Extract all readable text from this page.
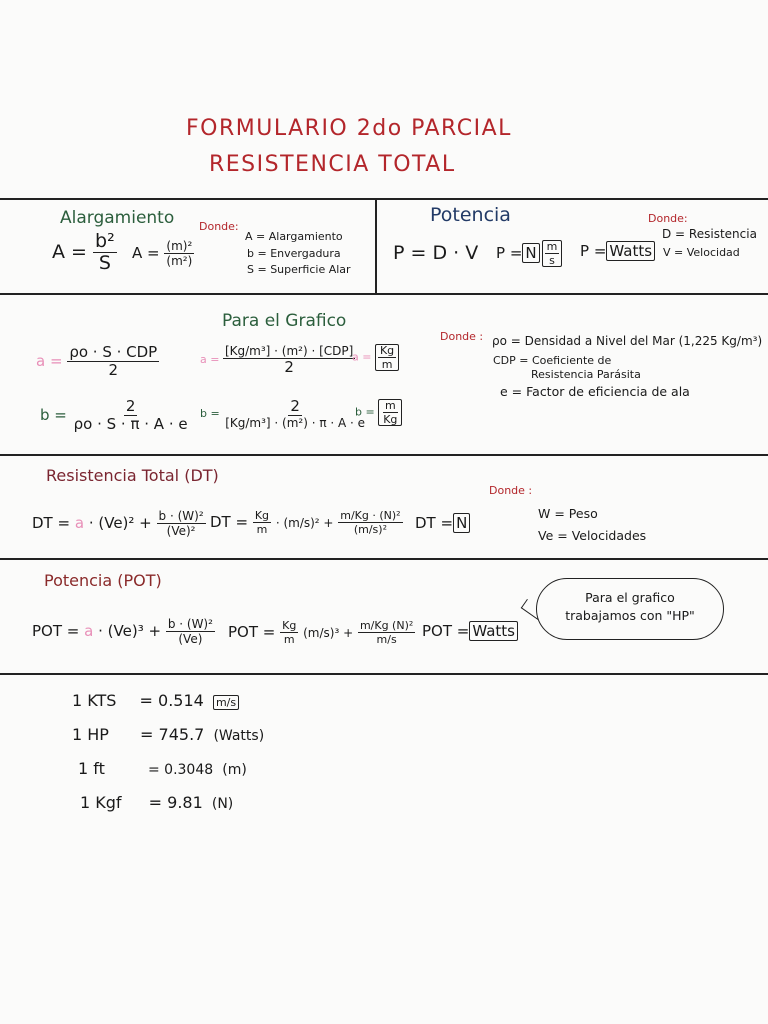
FORMULARIO 2do PARCIAL
RESISTENCIA TOTAL
Alargamiento
$A = \frac{\text{b²}}{S}$ $A = \frac{\text{(m)²}}{\text{(m²)}}$
Donde:
A = Alargamiento
b = Envergadura
S = Superficie Alar
Potencia
P = D · V P = N $\frac{m}{s}$ P = Watts
Donde:
D = Resistencia
V = Velocidad
Para el Grafico
$a = \frac{\text{ρo · S · CDP}}{2}$	$a = \frac{\text{[Kg/m³] · (m²) · [CDP]}}{2}$
$a = \frac{Kg}{m}$
$b = \frac{2}{\rho o \cdot S \cdot \pi \cdot A \cdot e}$ $b = \frac{2}{\text{[Kg/m³] · (m²) · π · A · e}}$
$b = \frac{m}{Kg}$
Donde : ρo = Densidad a Nivel del Mar (1,225 Kg/m³)
CDP = Coeficiente de
Resistencia Parásita
e = Factor de eficiencia de ala
Resistencia Total (DT)
DT = $a \cdot (Ve)^2 + \frac{\text{b · (W)²}}{\text{(Ve)²}}$ DT = $\frac{Kg}{m} \cdot (m/s)^2 + \frac{\text{m/Kg · (N)²}}{\text{(m/s)²}}$ DT = N
Donde :
W = Peso
Ve = Velocidades
Potencia (POT)
POT = $a \cdot (Ve)^3 + \frac{\text{b · (W)²}}{(Ve)}$ POT = $\frac{Kg}{m} (m/s)^3 + \frac{\text{m/Kg (N)²}}{m/s}$ POT = Watts
Para el grafico
trabajamos con "HP"
1 KTS = 0.514 m/s
1 HP = 745.7 (Watts)
1 ft	= 0.3048 (m)
1 Kgf = 9.81 (N)
